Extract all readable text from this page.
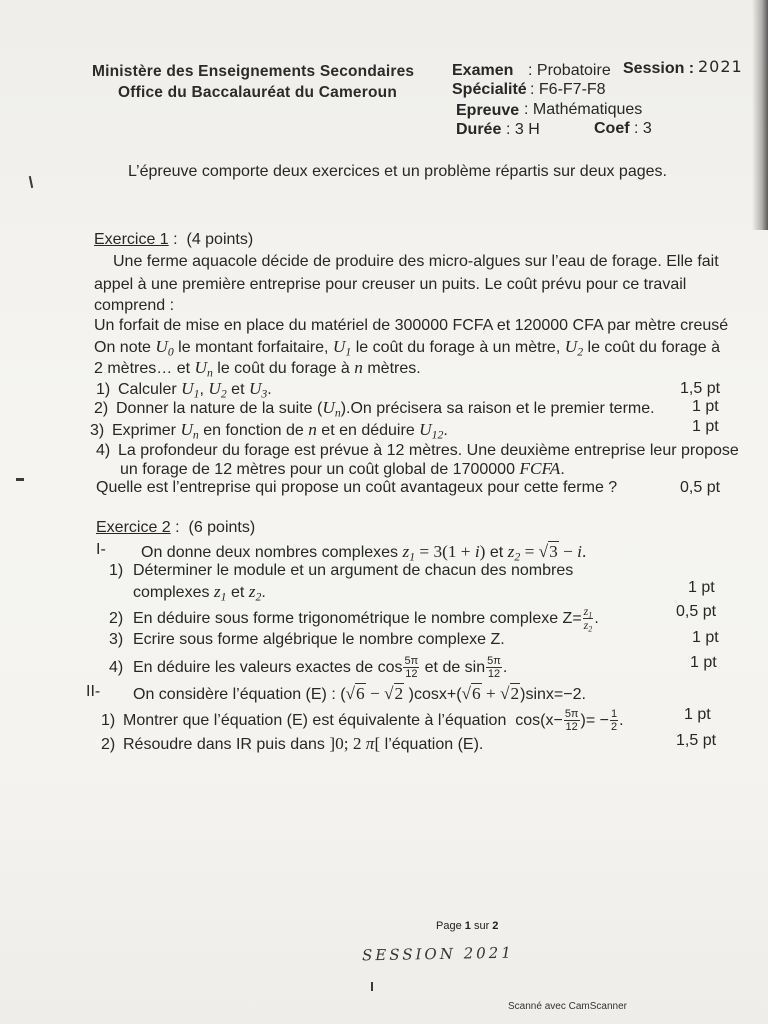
Ministère des Enseignements Secondaires
Office du Baccalauréat du Cameroun
Examen : Probatoire Session : 2021
Spécialité : F6-F7-F8
Epreuve : Mathématiques
Durée : 3 H	Coef : 3
L’épreuve comporte deux exercices et un problème répartis sur deux pages.
Exercice 1 :  (4 points)
Une ferme aquacole décide de produire des micro-algues sur l’eau de forage. Elle fait
appel à une première entreprise pour creuser un puits. Le coût prévu pour ce travail
comprend :
Un forfait de mise en place du matériel de 300000 FCFA et 120000 CFA par mètre creusé
On note $U_0$ le montant forfaitaire, $U_1$ le coût du forage à un mètre, $U_2$ le coût du forage à
2 mètres… et $U_n$ le coût du forage à n mètres.
1) Calculer $U_1$, $U_2$ et $U_3$.	1,5 pt
2) Donner la nature de la suite $(U_n).On$ précisera sa raison et le premier terme. 1 pt
3) Exprimer $U_n$ en fonction de n et en déduire $U_{12}$.	1 pt
4) La profondeur du forage est prévue à 12 mètres. Une deuxième entreprise leur propose
un forage de 12 mètres pour un coût global de 1700000 FCFA.
Quelle est l’entreprise qui propose un coût avantageux pour cette ferme ?	0,5 pt
Exercice 2 :  (6 points)
I- On donne deux nombres complexes $z_1 = 3(1 + i)$ et $z_2 = √3 - i$.
1) Déterminer le module et un argument de chacun des nombres
complexes $z_1$ et $z_2$.	1 pt
2) En déduire sous forme trigonométrique le nombre complexe $Z= \frac{z_1}{z_2}$ .	0,5 pt
3) Ecrire sous forme algébrique le nombre complexe Z.	1 pt
4) En déduire les valeurs exactes de $\cos \frac{5\pi}{12}$ et de $\sin \frac{5\pi}{12}$ .	1 pt
II- On considère l’équation (E) : (√6 − √2 )cosx+(√6 + √2)sinx=−2.
1) Montrer que l’équation (E) est équivalente à l’équation  $\cos(x- \frac{5\pi}{12}$ )= − $\frac{1}{2}$ .	1 pt
2) Résoudre dans IR puis dans ]0; 2 π[ l’équation (E).	1,5 pt
Page 1 sur 2
SESSION 2021
Scanné avec CamScanner
